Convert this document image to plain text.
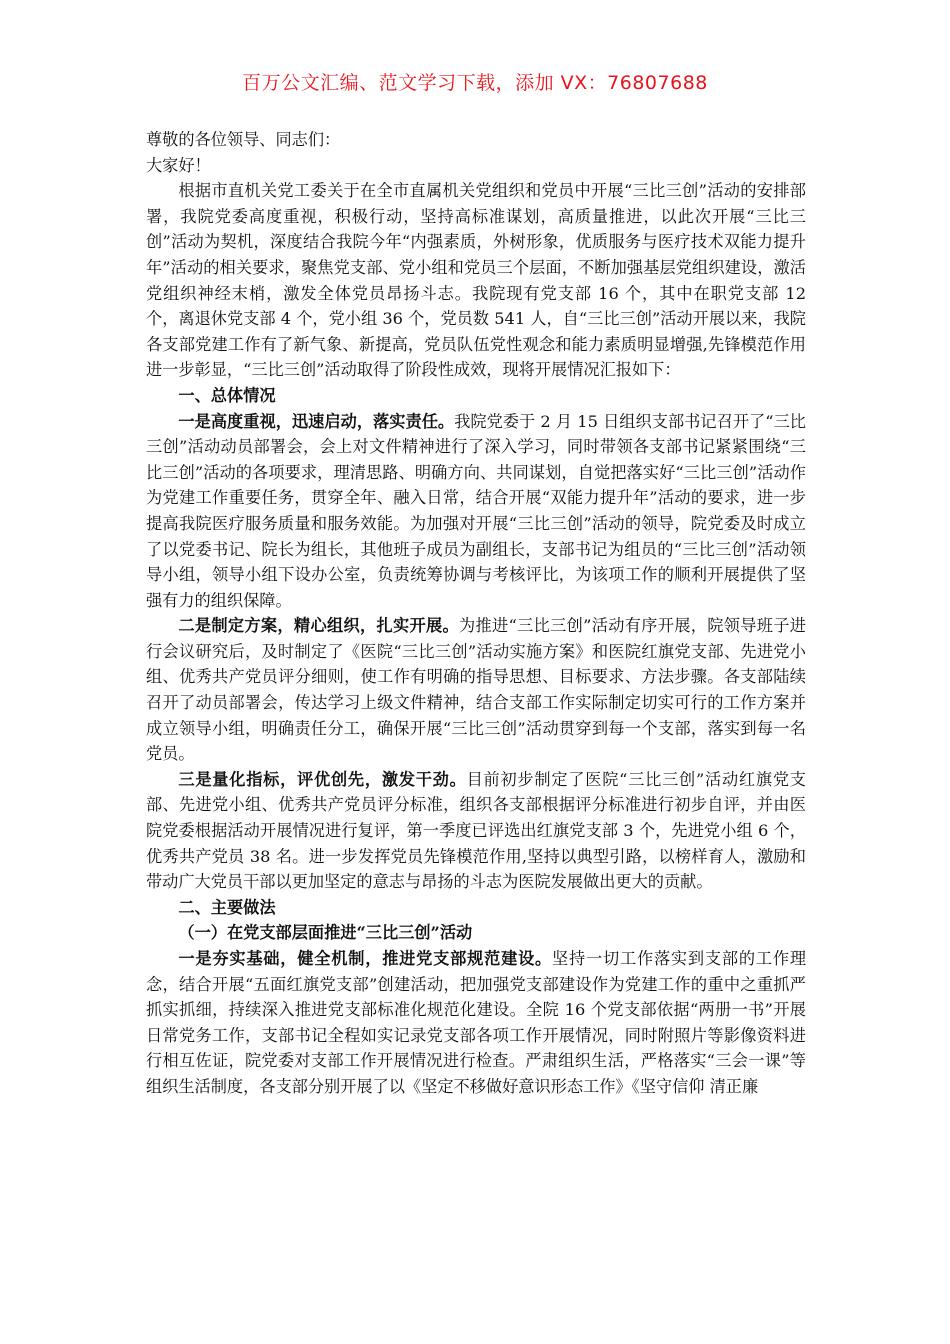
百万公文汇编、范文学习下载，添加 VX：76807688

尊敬的各位领导、同志们：

大家好！

根据市直机关党工委关于在全市直属机关党组织和党员中开展“三比三创”活动的安排部署，我院党委高度重视，积极行动，坚持高标准谋划，高质量推进，以此次开展“三比三创”活动为契机，深度结合我院今年“内强素质，外树形象，优质服务与医疗技术双能力提升年”活动的相关要求，聚焦党支部、党小组和党员三个层面，不断加强基层党组织建设，激活党组织神经末梢，激发全体党员昂扬斗志。我院现有党支部 16 个，其中在职党支部 12 个，离退休党支部 4 个，党小组 36 个，党员数 541 人，自“三比三创”活动开展以来，我院各支部党建工作有了新气象、新提高，党员队伍党性观念和能力素质明显增强,先锋模范作用进一步彰显，“三比三创”活动取得了阶段性成效，现将开展情况汇报如下：

一、总体情况

一是高度重视，迅速启动，落实责任。我院党委于 2 月 15 日组织支部书记召开了“三比三创”活动动员部署会，会上对文件精神进行了深入学习，同时带领各支部书记紧紧围绕“三比三创”活动的各项要求，理清思路、明确方向、共同谋划，自觉把落实好“三比三创”活动作为党建工作重要任务，贯穿全年、融入日常，结合开展“双能力提升年”活动的要求，进一步提高我院医疗服务质量和服务效能。为加强对开展“三比三创”活动的领导，院党委及时成立了以党委书记、院长为组长，其他班子成员为副组长，支部书记为组员的“三比三创”活动领导小组，领导小组下设办公室，负责统筹协调与考核评比，为该项工作的顺利开展提供了坚强有力的组织保障。

二是制定方案，精心组织，扎实开展。为推进“三比三创”活动有序开展，院领导班子进行会议研究后，及时制定了《医院“三比三创”活动实施方案》和医院红旗党支部、先进党小组、优秀共产党员评分细则，使工作有明确的指导思想、目标要求、方法步骤。各支部陆续召开了动员部署会，传达学习上级文件精神，结合支部工作实际制定切实可行的工作方案并成立领导小组，明确责任分工，确保开展“三比三创”活动贯穿到每一个支部，落实到每一名党员。

三是量化指标，评优创先，激发干劲。目前初步制定了医院“三比三创”活动红旗党支部、先进党小组、优秀共产党员评分标准，组织各支部根据评分标准进行初步自评，并由医院党委根据活动开展情况进行复评，第一季度已评选出红旗党支部 3 个，先进党小组 6 个，优秀共产党员 38 名。进一步发挥党员先锋模范作用,坚持以典型引路，以榜样育人，激励和带动广大党员干部以更加坚定的意志与昂扬的斗志为医院发展做出更大的贡献。

二、主要做法

（一）在党支部层面推进“三比三创”活动

一是夯实基础，健全机制，推进党支部规范建设。坚持一切工作落实到支部的工作理念，结合开展“五面红旗党支部”创建活动，把加强党支部建设作为党建工作的重中之重抓严抓实抓细，持续深入推进党支部标准化规范化建设。全院 16 个党支部依据“两册一书”开展日常党务工作，支部书记全程如实记录党支部各项工作开展情况，同时附照片等影像资料进行相互佐证，院党委对支部工作开展情况进行检查。严肃组织生活，严格落实“三会一课”等组织生活制度，各支部分别开展了以《坚定不移做好意识形态工作》《坚守信仰 清正廉
